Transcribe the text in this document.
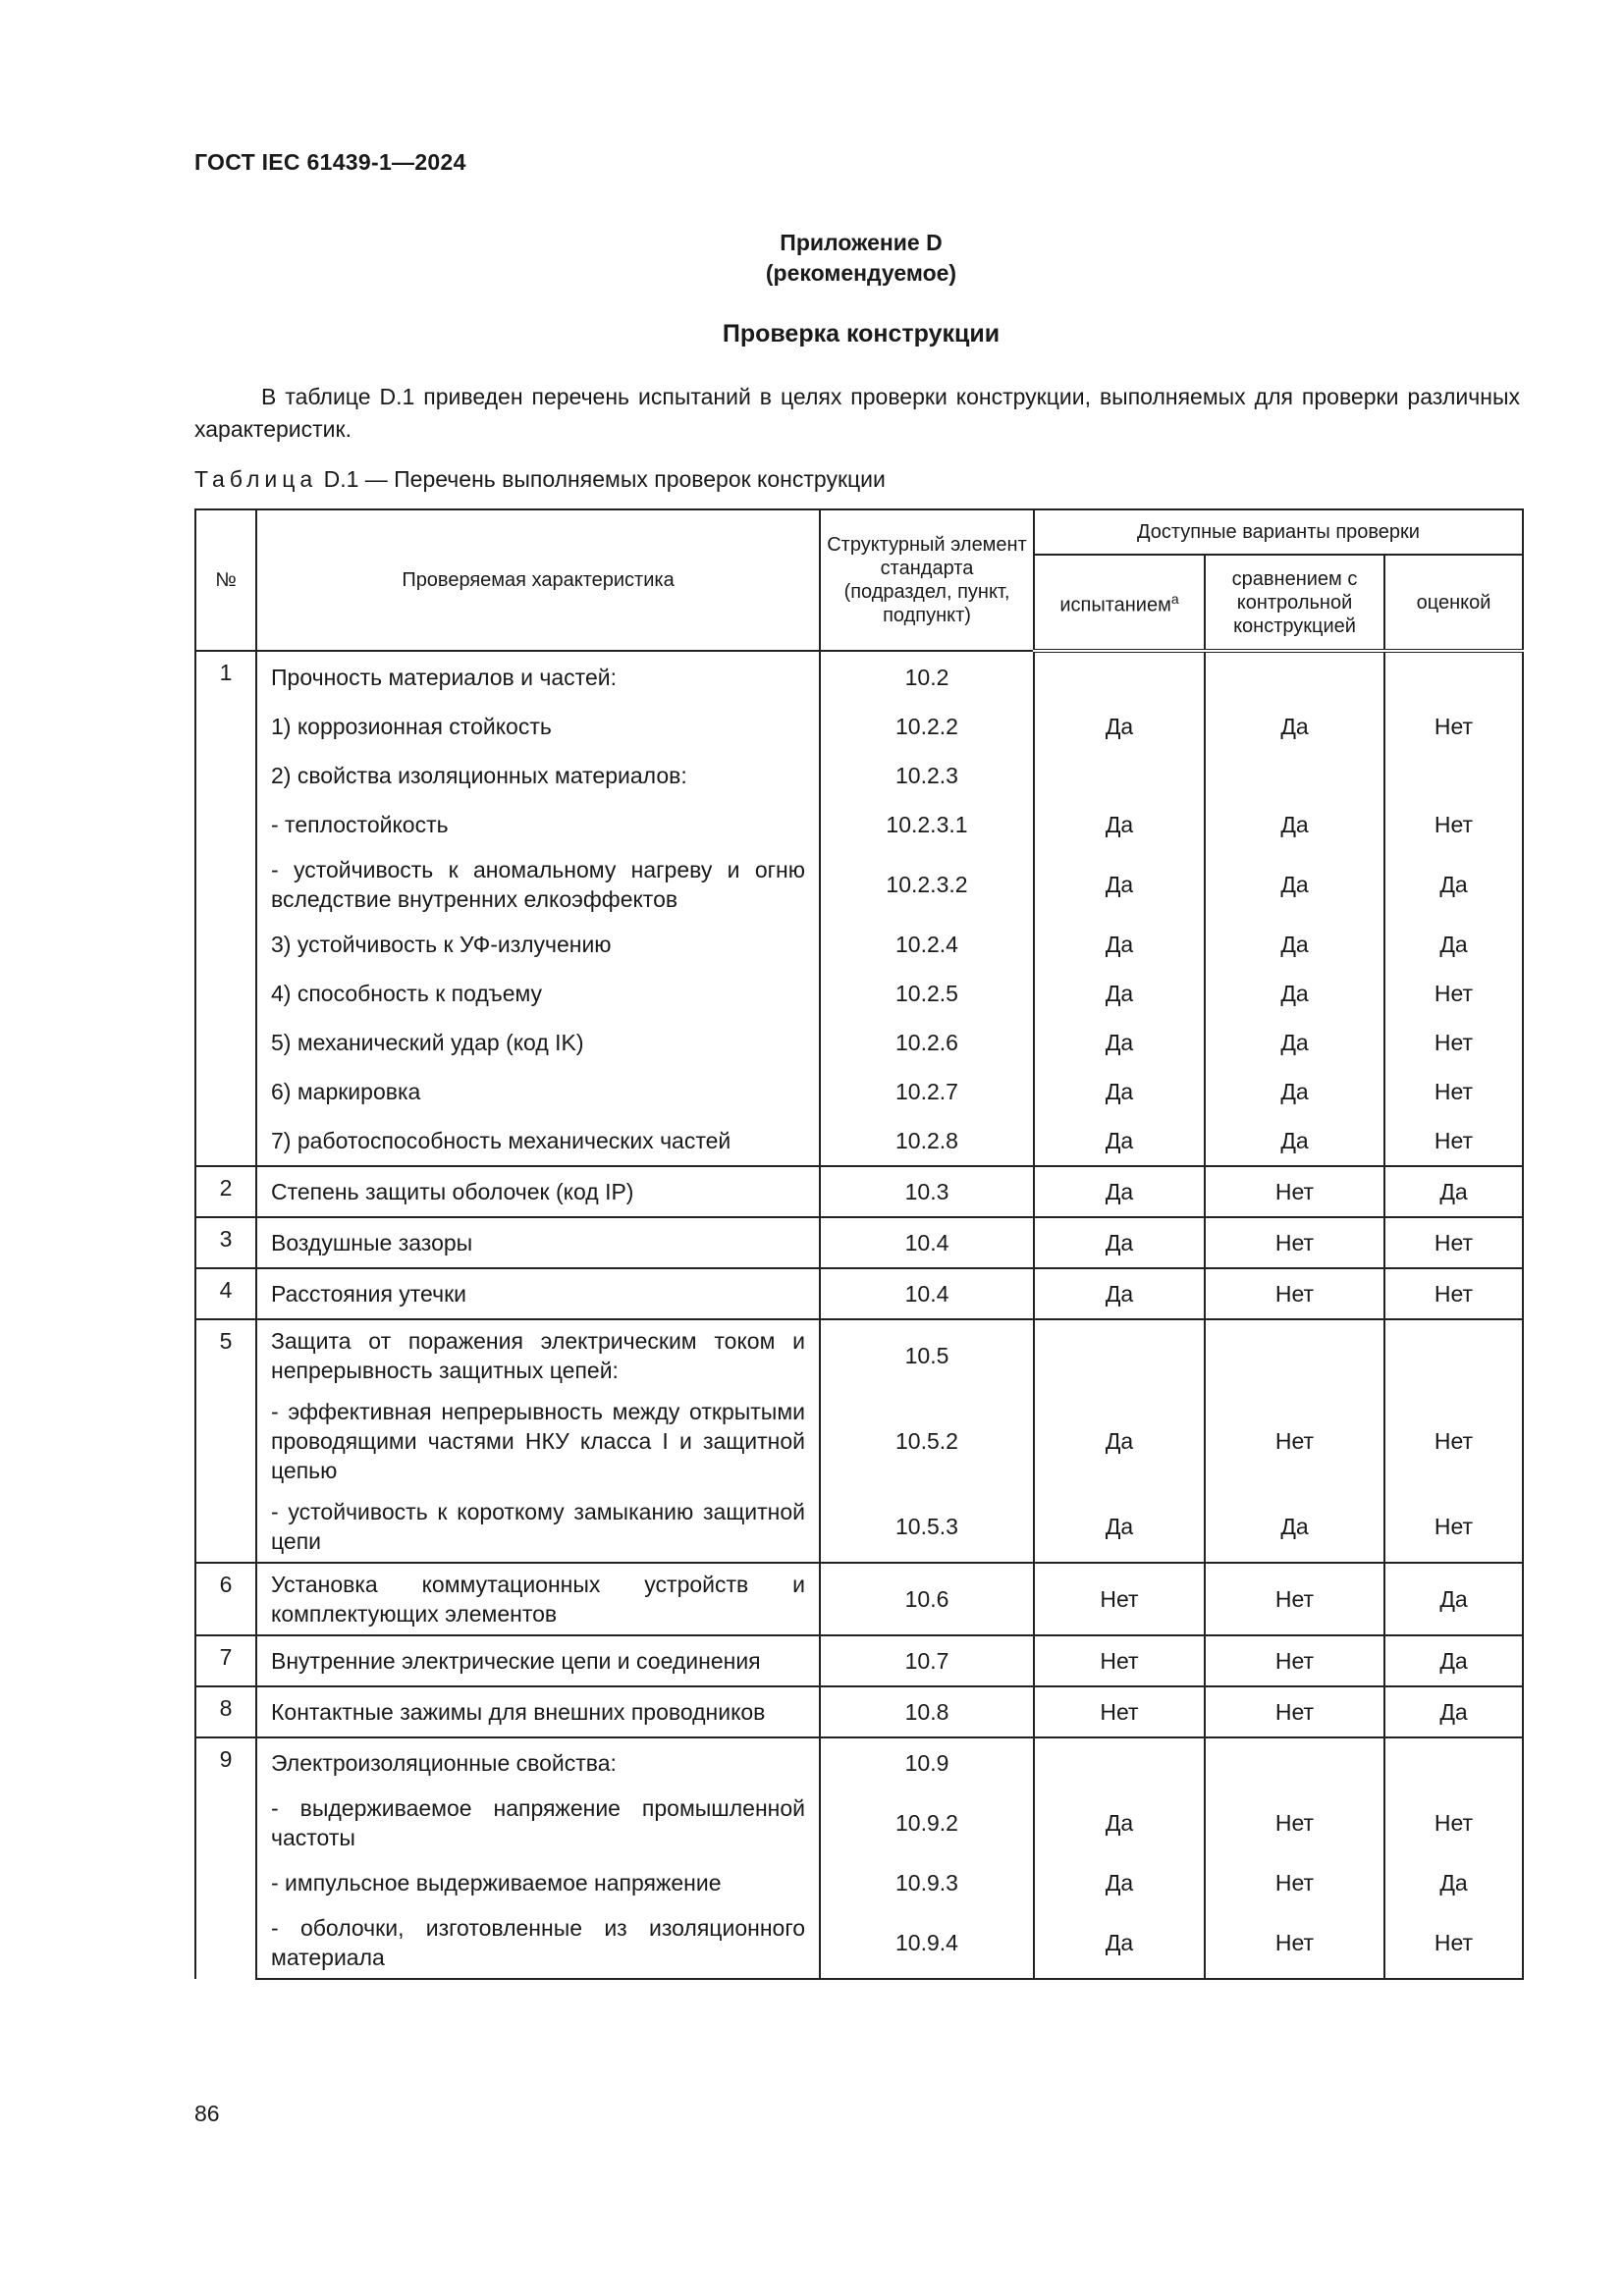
ГОСТ IEC 61439-1—2024
Приложение D
(рекомендуемое)
Проверка конструкции
В таблице D.1 приведен перечень испытаний в целях проверки конструкции, выполняемых для проверки различных характеристик.
Таблица D.1 — Перечень выполняемых проверок конструкции
№	Проверяемая характеристика	Структурный элемент стандарта (подраздел, пункт, подпункт)	Доступные варианты проверки		
			испытанием$^a$	сравнением с контрольной конструкцией	оценкой
1	Прочность материалов и частей:	10.2			
	1) коррозионная стойкость	10.2.2	Да	Да	Нет
	2) свойства изоляционных материалов:	10.2.3			
	- теплостойкость	10.2.3.1	Да	Да	Нет
	- устойчивость к аномальному нагреву и огню вследствие внутренних елкоэффектов	10.2.3.2	Да	Да	Да
	3) устойчивость к УФ-излучению	10.2.4	Да	Да	Да
	4) способность к подъему	10.2.5	Да	Да	Нет
	5) механический удар (код IK)	10.2.6	Да	Да	Нет
	6) маркировка	10.2.7	Да	Да	Нет
	7) работоспособность механических частей	10.2.8	Да	Да	Нет
2	Степень защиты оболочек (код IP)	10.3	Да	Нет	Да
3	Воздушные зазоры	10.4	Да	Нет	Нет
4	Расстояния утечки	10.4	Да	Нет	Нет
5	Защита от поражения электрическим током и непрерывность защитных цепей:	10.5			
	- эффективная непрерывность между открытыми проводящими частями НКУ класса I и защитной цепью	10.5.2	Да	Нет	Нет
	- устойчивость к короткому замыканию защитной цепи	10.5.3	Да	Да	Нет
6	Установка коммутационных устройств и комплектующих элементов	10.6	Нет	Нет	Да
7	Внутренние электрические цепи и соединения	10.7	Нет	Нет	Да
8	Контактные зажимы для внешних проводников	10.8	Нет	Нет	Да
9	Электроизоляционные свойства:	10.9			
	- выдерживаемое напряжение промышленной частоты	10.9.2	Да	Нет	Нет
	- импульсное выдерживаемое напряжение	10.9.3	Да	Нет	Да
	- оболочки, изготовленные из изоляционного материала	10.9.4	Да	Нет	Нет
86
